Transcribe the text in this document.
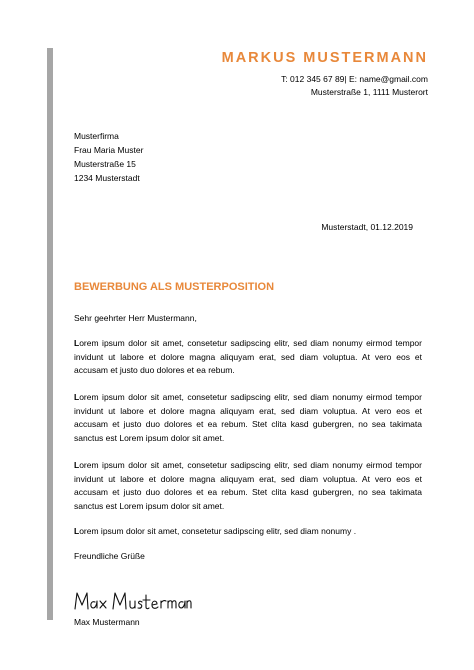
MARKUS MUSTERMANN
T: 012 345 67 89| E: name@gmail.com
Musterstraße 1, 1111 Musterort
Musterfirma
Frau Maria Muster
Musterstraße 15
1234 Musterstadt
Musterstadt, 01.12.2019
BEWERBUNG ALS MUSTERPOSITION
Sehr geehrter Herr Mustermann,
Lorem ipsum dolor sit amet, consetetur sadipscing elitr, sed diam nonumy eirmod tempor invidunt ut labore et dolore magna aliquyam erat, sed diam voluptua. At vero eos et accusam et justo duo dolores et ea rebum.
Lorem ipsum dolor sit amet, consetetur sadipscing elitr, sed diam nonumy eirmod tempor invidunt ut labore et dolore magna aliquyam erat, sed diam voluptua. At vero eos et accusam et justo duo dolores et ea rebum. Stet clita kasd gubergren, no sea takimata sanctus est Lorem ipsum dolor sit amet.
Lorem ipsum dolor sit amet, consetetur sadipscing elitr, sed diam nonumy eirmod tempor invidunt ut labore et dolore magna aliquyam erat, sed diam voluptua. At vero eos et accusam et justo duo dolores et ea rebum. Stet clita kasd gubergren, no sea takimata sanctus est Lorem ipsum dolor sit amet.
Lorem ipsum dolor sit amet, consetetur sadipscing elitr, sed diam nonumy .
Freundliche Grüße
Max Mustermann
